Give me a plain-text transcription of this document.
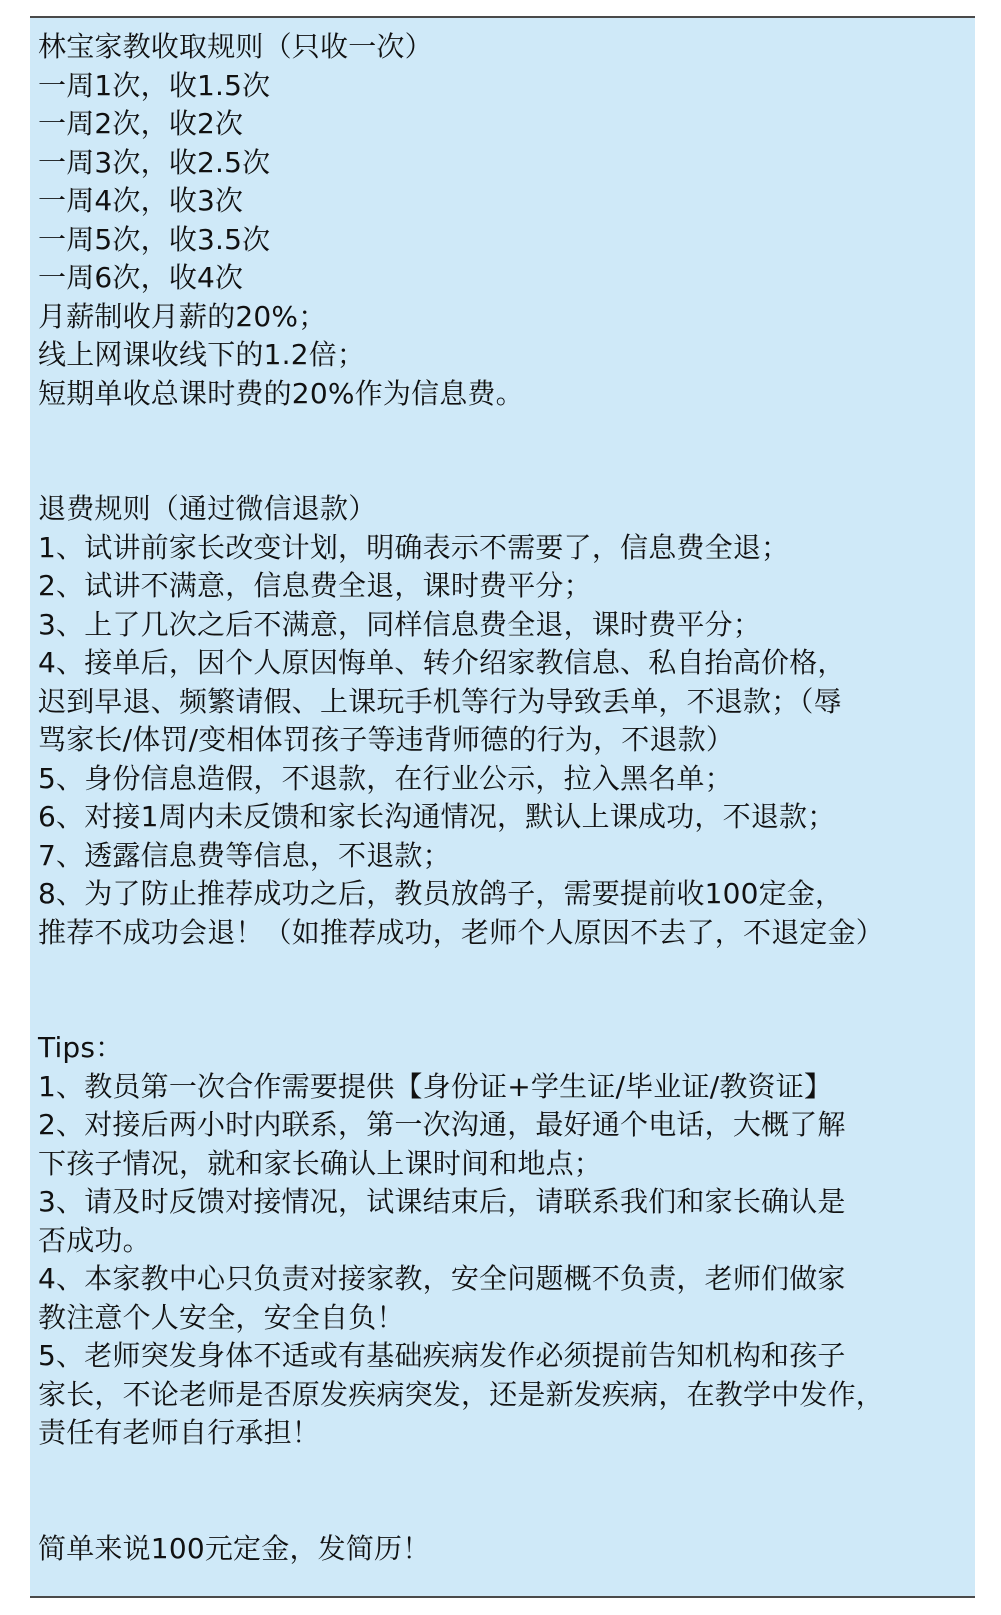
林宝家教收取规则（只收一次）
一周1次，收1.5次
一周2次，收2次
一周3次，收2.5次
一周4次，收3次
一周5次，收3.5次
一周6次，收4次
月薪制收月薪的20%；
线上网课收线下的1.2倍；
短期单收总课时费的20%作为信息费。
退费规则（通过微信退款）
1、试讲前家长改变计划，明确表示不需要了，信息费全退；
2、试讲不满意，信息费全退，课时费平分；
3、上了几次之后不满意，同样信息费全退，课时费平分；
4、接单后，因个人原因悔单、转介绍家教信息、私自抬高价格，
迟到早退、频繁请假、上课玩手机等行为导致丢单，不退款；（辱
骂家长/体罚/变相体罚孩子等违背师德的行为，不退款）
5、身份信息造假，不退款，在行业公示，拉入黑名单；
6、对接1周内未反馈和家长沟通情况，默认上课成功，不退款；
7、透露信息费等信息，不退款；
8、为了防止推荐成功之后，教员放鸽子，需要提前收100定金，
推荐不成功会退！（如推荐成功，老师个人原因不去了，不退定金）
Tips：
1、教员第一次合作需要提供【身份证+学生证/毕业证/教资证】
2、对接后两小时内联系，第一次沟通，最好通个电话，大概了解
下孩子情况，就和家长确认上课时间和地点；
3、请及时反馈对接情况，试课结束后，请联系我们和家长确认是
否成功。
4、本家教中心只负责对接家教，安全问题概不负责，老师们做家
教注意个人安全，安全自负！
5、老师突发身体不适或有基础疾病发作必须提前告知机构和孩子
家长，不论老师是否原发疾病突发，还是新发疾病，在教学中发作，
责任有老师自行承担！
简单来说100元定金，发简历！
